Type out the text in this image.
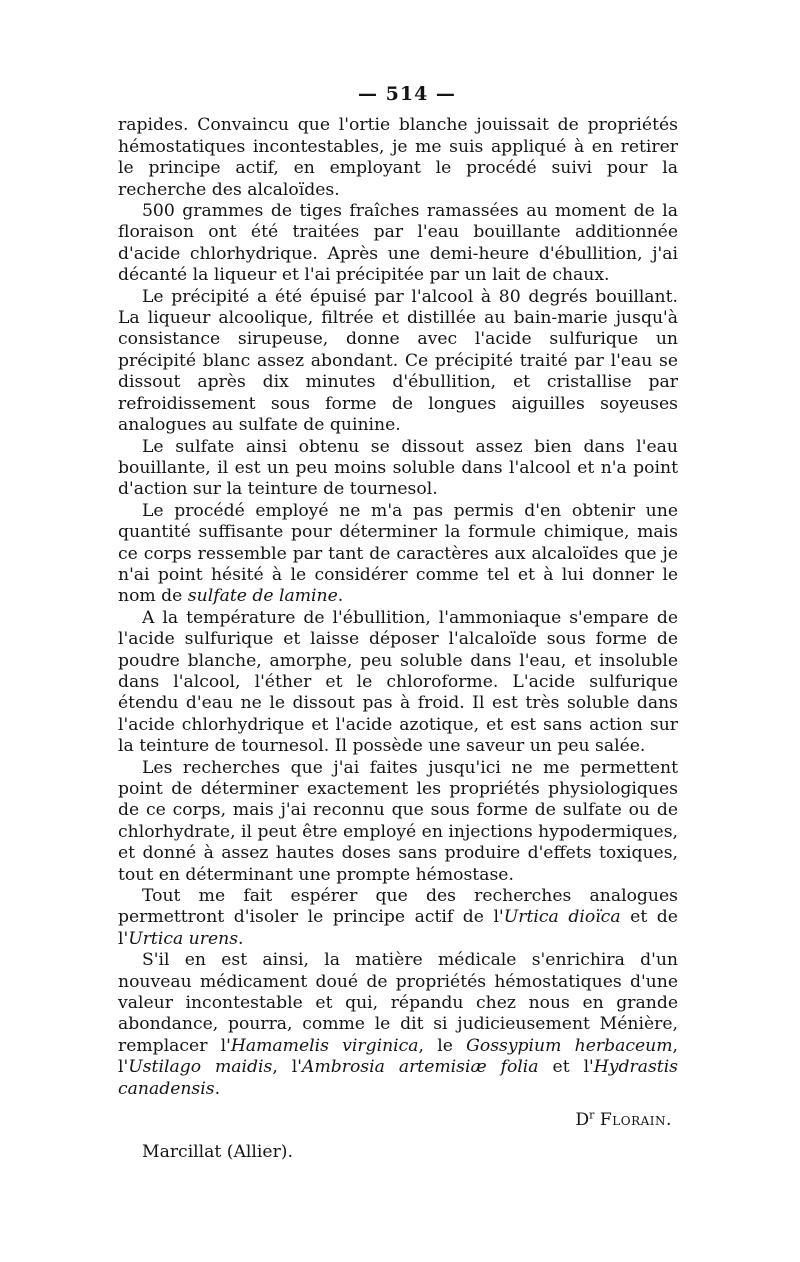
— 514 —

rapides. Convaincu que l'ortie blanche jouissait de propriétés hémostatiques incontestables, je me suis appliqué à en retirer le principe actif, en employant le procédé suivi pour la recherche des alcaloïdes.

500 grammes de tiges fraîches ramassées au moment de la floraison ont été traitées par l'eau bouillante additionnée d'acide chlorhydrique. Après une demi-heure d'ébullition, j'ai décanté la liqueur et l'ai précipitée par un lait de chaux.

Le précipité a été épuisé par l'alcool à 80 degrés bouillant. La liqueur alcoolique, filtrée et distillée au bain-marie jusqu'à consistance sirupeuse, donne avec l'acide sulfurique un précipité blanc assez abondant. Ce précipité traité par l'eau se dissout après dix minutes d'ébullition, et cristallise par refroidissement sous forme de longues aiguilles soyeuses analogues au sulfate de quinine.

Le sulfate ainsi obtenu se dissout assez bien dans l'eau bouillante, il est un peu moins soluble dans l'alcool et n'a point d'action sur la teinture de tournesol.

Le procédé employé ne m'a pas permis d'en obtenir une quantité suffisante pour déterminer la formule chimique, mais ce corps ressemble par tant de caractères aux alcaloïdes que je n'ai point hésité à le considérer comme tel et à lui donner le nom de sulfate de lamine.

A la température de l'ébullition, l'ammoniaque s'empare de l'acide sulfurique et laisse déposer l'alcaloïde sous forme de poudre blanche, amorphe, peu soluble dans l'eau, et insoluble dans l'alcool, l'éther et le chloroforme. L'acide sulfurique étendu d'eau ne le dissout pas à froid. Il est très soluble dans l'acide chlorhydrique et l'acide azotique, et est sans action sur la teinture de tournesol. Il possède une saveur un peu salée.

Les recherches que j'ai faites jusqu'ici ne me permettent point de déterminer exactement les propriétés physiologiques de ce corps, mais j'ai reconnu que sous forme de sulfate ou de chlorhydrate, il peut être employé en injections hypodermiques, et donné à assez hautes doses sans produire d'effets toxiques, tout en déterminant une prompte hémostase.

Tout me fait espérer que des recherches analogues permettront d'isoler le principe actif de l'Urtica dioïca et de l'Urtica urens.

S'il en est ainsi, la matière médicale s'enrichira d'un nouveau médicament doué de propriétés hémostatiques d'une valeur incontestable et qui, répandu chez nous en grande abondance, pourra, comme le dit si judicieusement Ménière, remplacer l'Hamamelis virginica, le Gossypium herbaceum, l'Ustilago maidis, l'Ambrosia artemisiæ folia et l'Hydrastis canadensis.

$D^r$ Florain.
Marcillat (Allier).
